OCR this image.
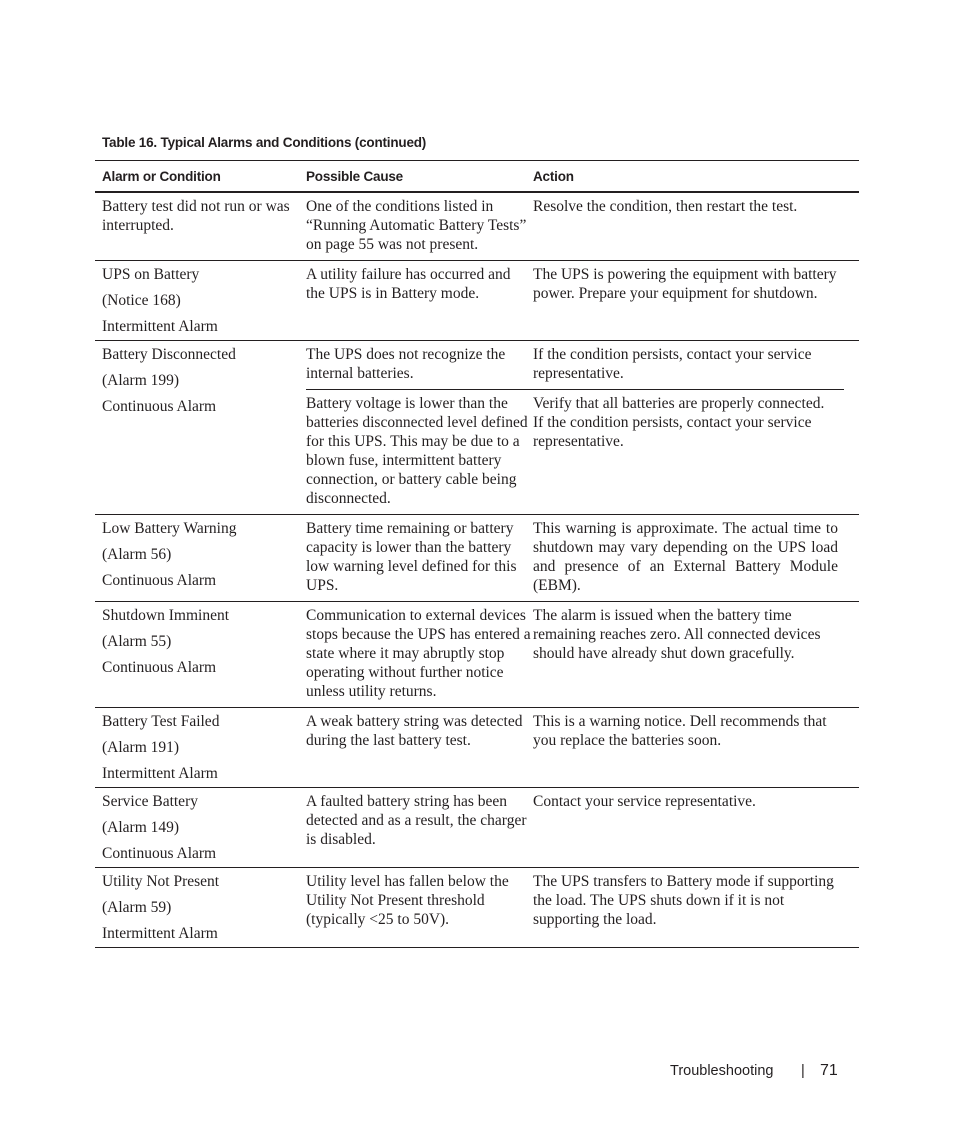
Table 16. Typical Alarms and Conditions (continued)
Alarm or Condition	Possible Cause	Action
Battery test did not run or was interrupted.
One of the conditions listed in “Running Automatic Battery Tests” on page 55 was not present.
Resolve the condition, then restart the test.
UPS on Battery
(Notice 168)
Intermittent Alarm
A utility failure has occurred and the UPS is in Battery mode.
The UPS is powering the equipment with battery power. Prepare your equipment for shutdown.
Battery Disconnected
(Alarm 199)
Continuous Alarm
The UPS does not recognize the internal batteries.
If the condition persists, contact your service representative.
Battery voltage is lower than the batteries disconnected level defined for this UPS. This may be due to a blown fuse, intermittent battery connection, or battery cable being disconnected.
Verify that all batteries are properly connected. If the condition persists, contact your service representative.
Low Battery Warning
(Alarm 56)
Continuous Alarm
Battery time remaining or battery capacity is lower than the battery low warning level defined for this UPS.
This warning is approximate. The actual time to shutdown may vary depending on the UPS load and presence of an External Battery Module (EBM).
Shutdown Imminent
(Alarm 55)
Continuous Alarm
Communication to external devices stops because the UPS has entered a state where it may abruptly stop operating without further notice unless utility returns.
The alarm is issued when the battery time remaining reaches zero. All connected devices should have already shut down gracefully.
Battery Test Failed
(Alarm 191)
Intermittent Alarm
A weak battery string was detected during the last battery test.
This is a warning notice. Dell recommends that you replace the batteries soon.
Service Battery
(Alarm 149)
Continuous Alarm
A faulted battery string has been detected and as a result, the charger is disabled.
Contact your service representative.
Utility Not Present
(Alarm 59)
Intermittent Alarm
Utility level has fallen below the Utility Not Present threshold (typically <25 to 50V).
The UPS transfers to Battery mode if supporting the load. The UPS shuts down if it is not supporting the load.
Troubleshooting | 71
